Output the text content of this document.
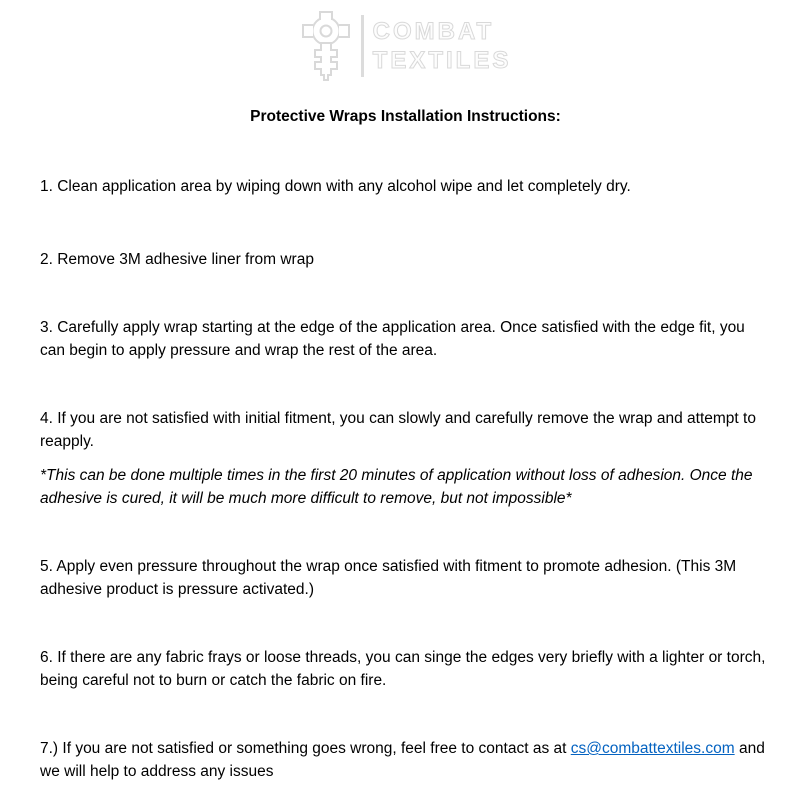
COMBAT
TEXTILES
Protective Wraps Installation Instructions:

1. Clean application area by wiping down with any alcohol wipe and let completely dry.

2. Remove 3M adhesive liner from wrap

3. Carefully apply wrap starting at the edge of the application area. Once satisfied with the edge fit, you can begin to apply pressure and wrap the rest of the area.

4. If you are not satisfied with initial fitment, you can slowly and carefully remove the wrap and attempt to reapply.

*This can be done multiple times in the first 20 minutes of application without loss of adhesion. Once the adhesive is cured, it will be much more difficult to remove, but not impossible*

5. Apply even pressure throughout the wrap once satisfied with fitment to promote adhesion. (This 3M adhesive product is pressure activated.)

6. If there are any fabric frays or loose threads, you can singe the edges very briefly with a lighter or torch, being careful not to burn or catch the fabric on fire.

7.) If you are not satisfied or something goes wrong, feel free to contact as at cs@combattextiles.com and we will help to address any issues
